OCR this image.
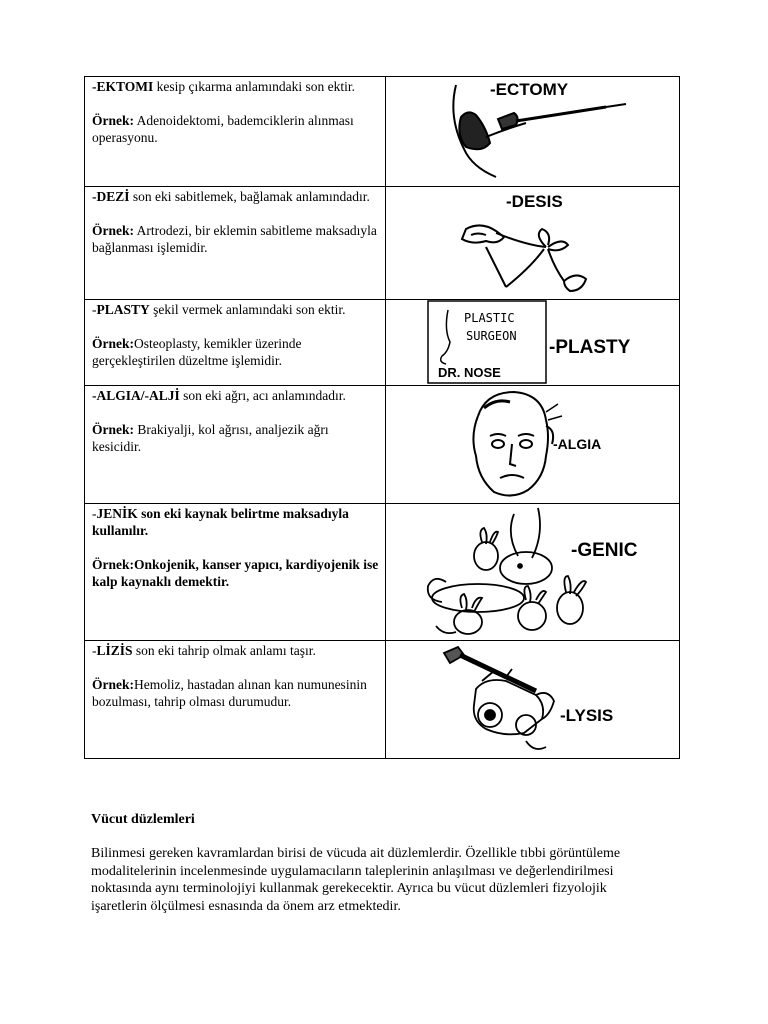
-EKTOMI kesip çıkarma anlamındaki son ektir.

Örnek: Adenoidektomi, bademciklerin alınması operasyonu.

-ECTOMY

-DEZİ son eki sabitlemek, bağlamak anlamındadır.

Örnek: Artrodezi, bir eklemin sabitleme maksadıyla bağlanması işlemidir.

-DESIS

-PLASTY şekil vermek anlamındaki son ektir.

Örnek:Osteoplasty, kemikler üzerinde gerçekleştirilen düzeltme işlemidir.

PLASTIC
SURGEON
DR. NOSE
-PLASTY

-ALGIA/-ALJİ son eki ağrı, acı anlamındadır.

Örnek: Brakiyalji, kol ağrısı, analjezik ağrı kesicidir.	-ALGIA

-JENİK son eki kaynak belirtme maksadıyla kullanılır.

Örnek:Onkojenik, kanser yapıcı, kardiyojenik ise kalp kaynaklı demektir.

-GENIC

-LİZİS son eki tahrip olmak anlamı taşır.

Örnek:Hemoliz, hastadan alınan kan numunesinin bozulması, tahrip olması durumudur.

-LYSIS
Vücut düzlemleri

Bilinmesi gereken kavramlardan birisi de vücuda ait düzlemlerdir. Özellikle tıbbi görüntüleme modalitelerinin incelenmesinde uygulamacıların taleplerinin anlaşılması ve değerlendirilmesi noktasında aynı terminolojiyi kullanmak gerekecektir. Ayrıca bu vücut düzlemleri fizyolojik işaretlerin ölçülmesi esnasında da önem arz etmektedir.
